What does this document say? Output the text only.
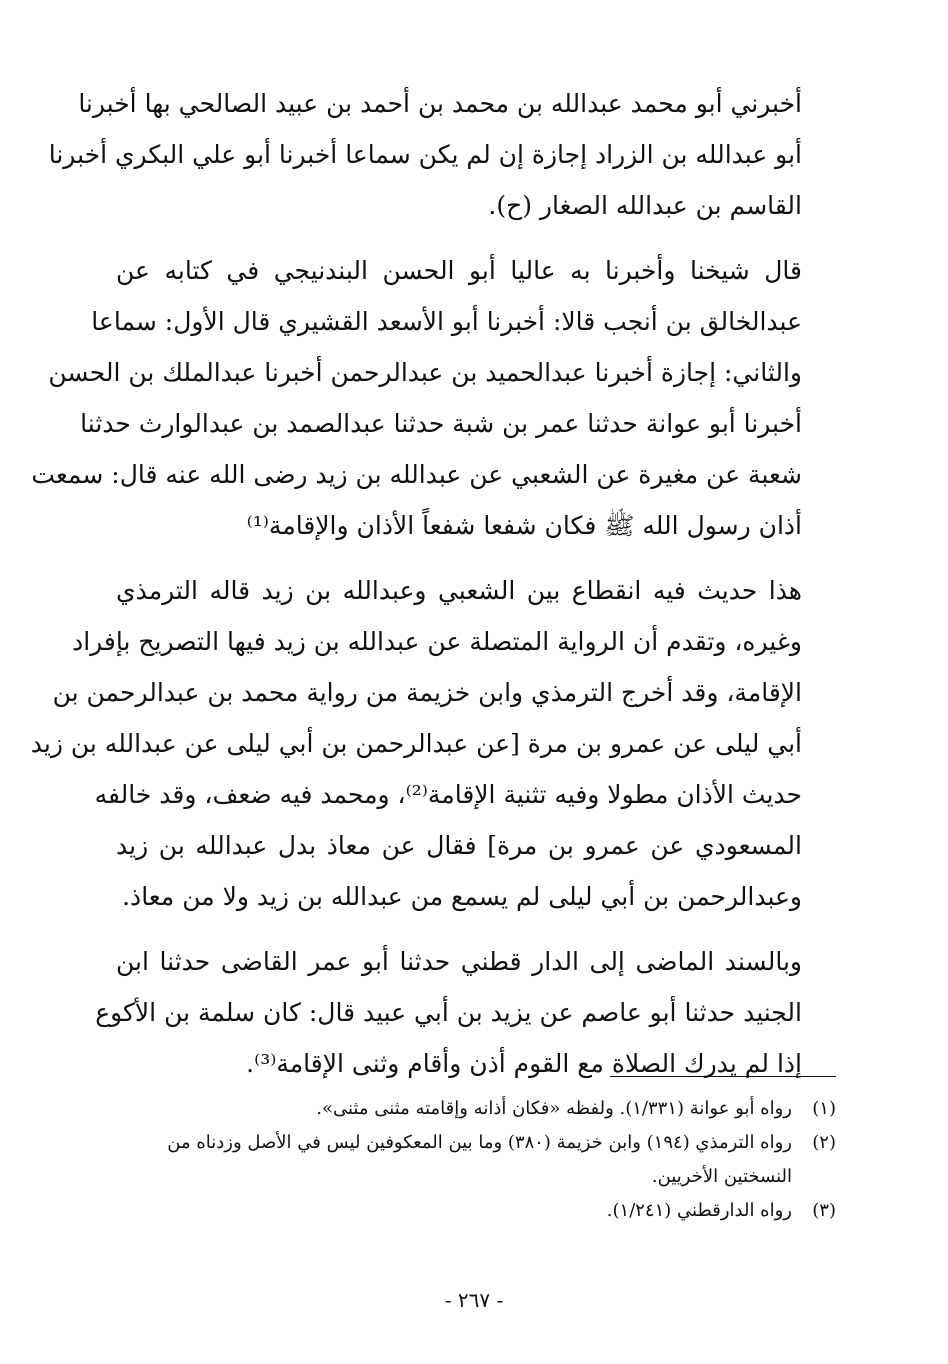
أخبرني أبو محمد عبدالله بن محمد بن أحمد بن عبيد الصالحي بها أخبرنا
أبو عبدالله بن الزراد إجازة إن لم يكن سماعا أخبرنا أبو علي البكري أخبرنا
القاسم بن عبدالله الصغار (ح).

قال شيخنا وأخبرنا به عاليا أبو الحسن البندنيجي في كتابه عن
عبدالخالق بن أنجب قالا: أخبرنا أبو الأسعد القشيري قال الأول: سماعا
والثاني: إجازة أخبرنا عبدالحميد بن عبدالرحمن أخبرنا عبدالملك بن الحسن
أخبرنا أبو عوانة حدثنا عمر بن شبة حدثنا عبدالصمد بن عبدالوارث حدثنا
شعبة عن مغيرة عن الشعبي عن عبدالله بن زيد رضى الله عنه قال: سمعت
أذان رسول الله ﷺ فكان شفعا شفعاً الأذان والإقامة⁽¹⁾

هذا حديث فيه انقطاع بين الشعبي وعبدالله بن زيد قاله الترمذي
وغيره، وتقدم أن الرواية المتصلة عن عبدالله بن زيد فيها التصريح بإفراد
الإقامة، وقد أخرج الترمذي وابن خزيمة من رواية محمد بن عبدالرحمن بن
أبي ليلى عن عمرو بن مرة [عن عبدالرحمن بن أبي ليلى عن عبدالله بن زيد
حديث الأذان مطولا وفيه تثنية الإقامة⁽²⁾، ومحمد فيه ضعف، وقد خالفه
المسعودي عن عمرو بن مرة] فقال عن معاذ بدل عبدالله بن زيد
وعبدالرحمن بن أبي ليلى لم يسمع من عبدالله بن زيد ولا من معاذ.

وبالسند الماضى إلى الدار قطني حدثنا أبو عمر القاضى حدثنا ابن
الجنيد حدثنا أبو عاصم عن يزيد بن أبي عبيد قال: كان سلمة بن الأكوع
إذا لم يدرك الصلاة مع القوم أذن وأقام وثنى الإقامة⁽³⁾.

(١)
رواه أبو عوانة (١/٣٣١). ولفظه «فكان أذانه وإقامته مثنى مثنى».
(٢)
رواه الترمذي (١٩٤) وابن خزيمة (٣٨٠) وما بين المعكوفين ليس في الأصل وزدناه من النسختين الأخريين.
(٣)
رواه الدارقطني (١/٢٤١).
- ٢٦٧ -
